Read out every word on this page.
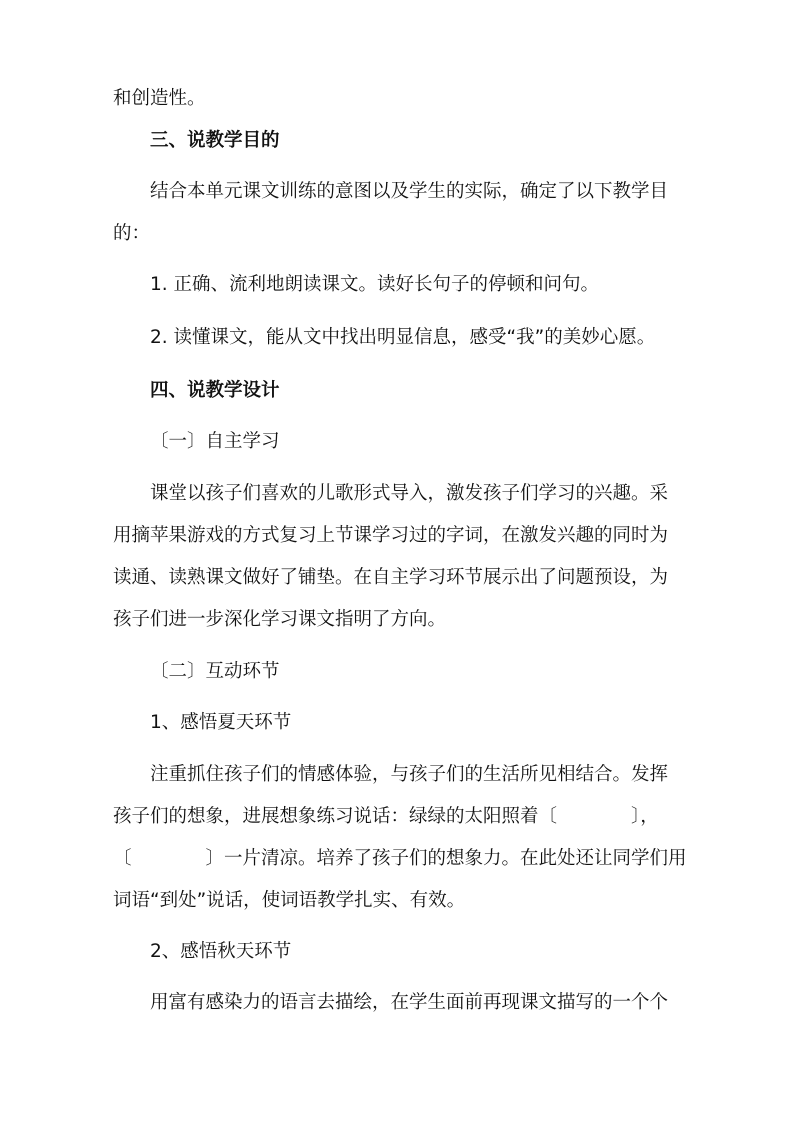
和创造性。
三、说教学目的
结合本单元课文训练的意图以及学生的实际，确定了以下教学目
的：
1. 正确、流利地朗读课文。读好长句子的停顿和问句。
2. 读懂课文，能从文中找出明显信息，感受“我”的美妙心愿。
四、说教学设计
〔一〕自主学习
课堂以孩子们喜欢的儿歌形式导入，激发孩子们学习的兴趣。采
用摘苹果游戏的方式复习上节课学习过的字词，在激发兴趣的同时为
读通、读熟课文做好了铺垫。在自主学习环节展示出了问题预设，为
孩子们进一步深化学习课文指明了方向。
〔二〕互动环节
1、感悟夏天环节
注重抓住孩子们的情感体验，与孩子们的生活所见相结合。发挥
孩子们的想象，进展想象练习说话：绿绿的太阳照着〔　　　　〕，
〔　　　　〕一片清凉。培养了孩子们的想象力。在此处还让同学们用
词语“到处”说话，使词语教学扎实、有效。
2、感悟秋天环节
用富有感染力的语言去描绘，在学生面前再现课文描写的一个个
